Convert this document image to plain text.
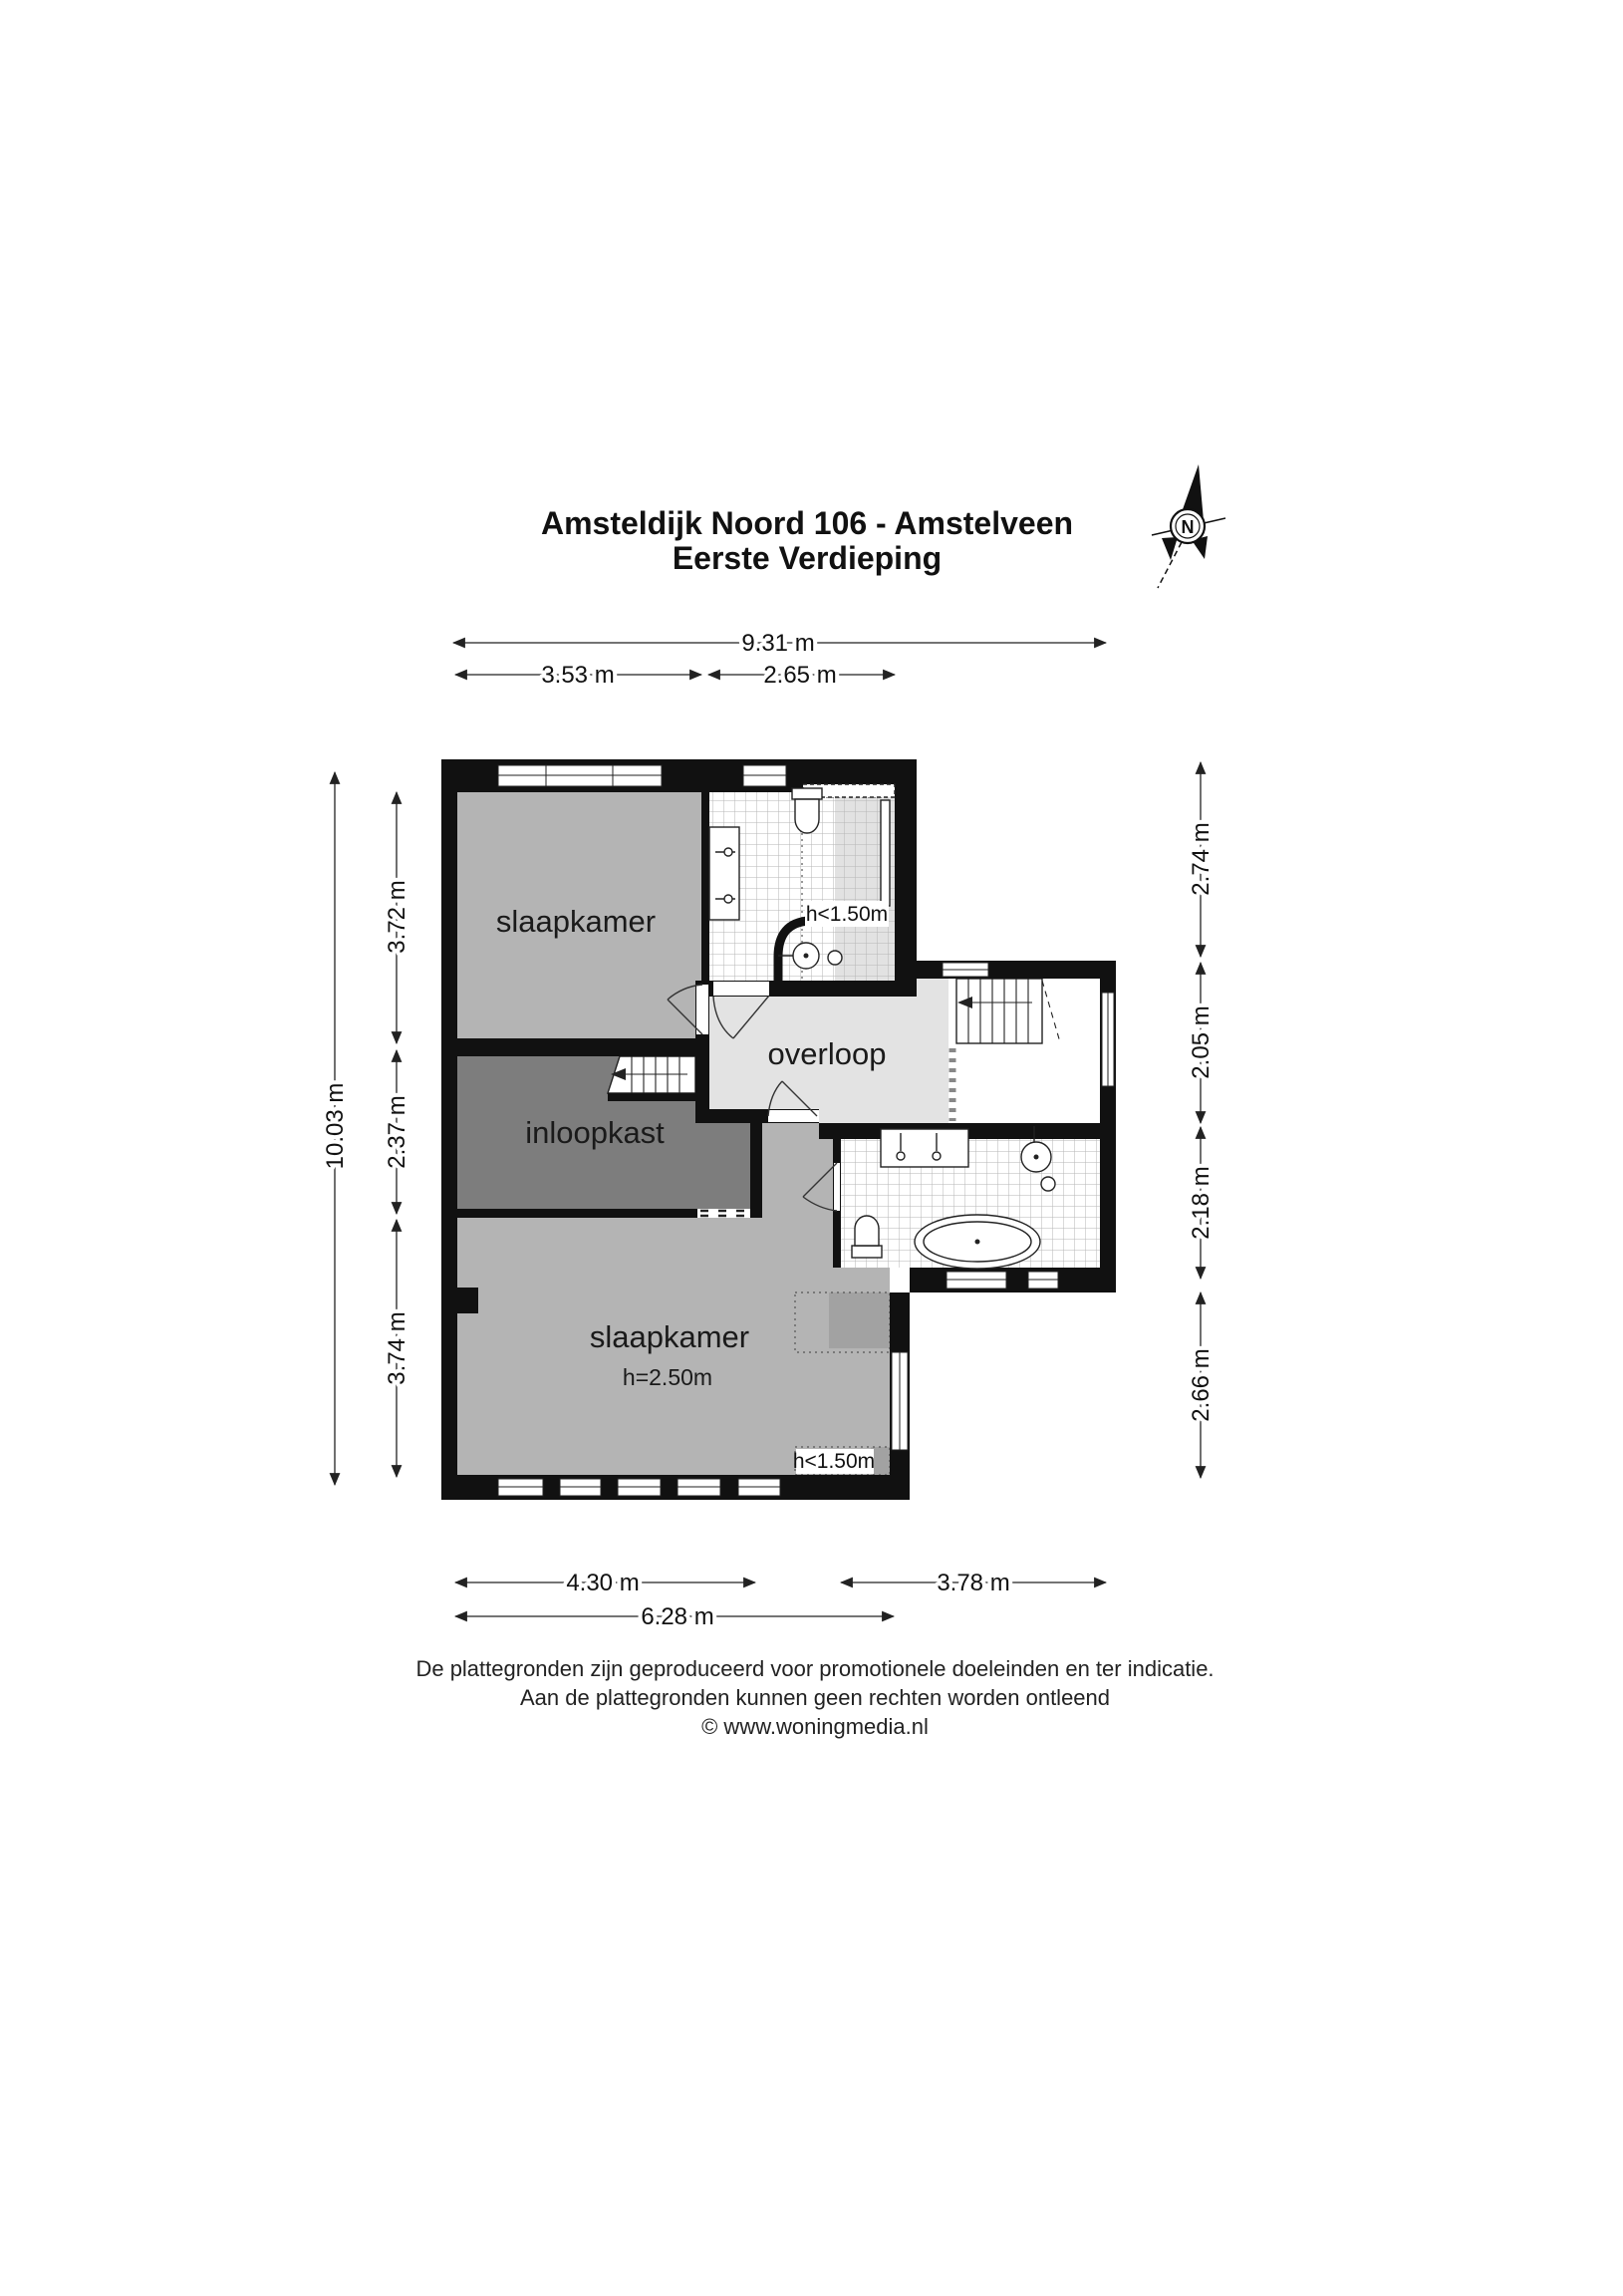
Amsteldijk Noord 106 - Amstelveen
Eerste Verdieping
N
h<1.50m
slaapkamer
overloop
inloopkast
slaapkamer
h=2.50m
h<1.50m
9.31 m
3.53 m	2.65 m
10.03 m
3.72 m
2.37 m
3.74 m
2.74 m
2.05 m
2.18 m
2.66 m
4.30 m	3.78 m
6.28 m
De plattegronden zijn geproduceerd voor promotionele doeleinden en ter indicatie.
Aan de plattegronden kunnen geen rechten worden ontleend
© www.woningmedia.nl
